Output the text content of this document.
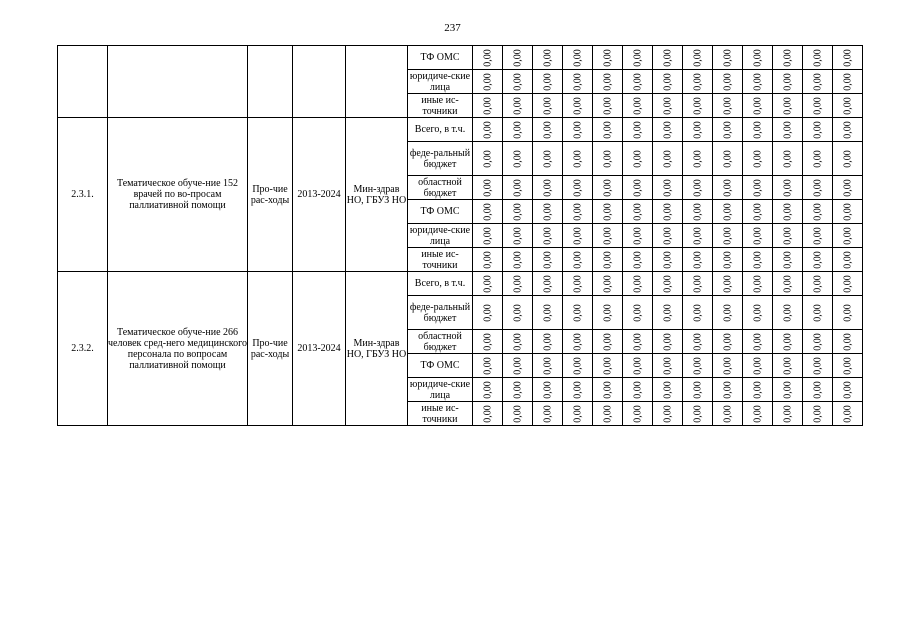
237
					ТФ ОМС	0,00	0,00	0,00	0,00	0,00	0,00	0,00	0,00	0,00	0,00	0,00	0,00	0,00

					юридиче-ские лица	0,00	0,00	0,00	0,00	0,00	0,00	0,00	0,00	0,00	0,00	0,00	0,00	0,00

					иные ис-точники	0,00	0,00	0,00	0,00	0,00	0,00	0,00	0,00	0,00	0,00	0,00	0,00	0,00

2.3.1.	Тематическое обуче-ние 152 врачей по во-просам паллиативной помощи	Про-чие рас-ходы	2013-2024	Мин-здрав НО, ГБУЗ НО	Всего, в т.ч.	0,00	0,00	0,00	0,00	0,00	0,00	0,00	0,00	0,00	0,00	0,00	0,00	0,00

					феде-ральный бюджет	0,00	0,00	0,00	0,00	0,00	0,00	0,00	0,00	0,00	0,00	0,00	0,00	0,00

					областной бюджет	0,00	0,00	0,00	0,00	0,00	0,00	0,00	0,00	0,00	0,00	0,00	0,00	0,00

					ТФ ОМС	0,00	0,00	0,00	0,00	0,00	0,00	0,00	0,00	0,00	0,00	0,00	0,00	0,00

					юридиче-ские лица	0,00	0,00	0,00	0,00	0,00	0,00	0,00	0,00	0,00	0,00	0,00	0,00	0,00

					иные ис-точники	0,00	0,00	0,00	0,00	0,00	0,00	0,00	0,00	0,00	0,00	0,00	0,00	0,00

2.3.2.	Тематическое обуче-ние 266 человек сред-него медицинского персонала по вопросам паллиативной помощи	Про-чие рас-ходы	2013-2024	Мин-здрав НО, ГБУЗ НО	Всего, в т.ч.	0,00	0,00	0,00	0,00	0,00	0,00	0,00	0,00	0,00	0,00	0,00	0,00	0,00

					феде-ральный бюджет	0,00	0,00	0,00	0,00	0,00	0,00	0,00	0,00	0,00	0,00	0,00	0,00	0,00

					областной бюджет	0,00	0,00	0,00	0,00	0,00	0,00	0,00	0,00	0,00	0,00	0,00	0,00	0,00

					ТФ ОМС	0,00	0,00	0,00	0,00	0,00	0,00	0,00	0,00	0,00	0,00	0,00	0,00	0,00

					юридиче-ские лица	0,00	0,00	0,00	0,00	0,00	0,00	0,00	0,00	0,00	0,00	0,00	0,00	0,00

					иные ис-точники	0,00	0,00	0,00	0,00	0,00	0,00	0,00	0,00	0,00	0,00	0,00	0,00	0,00
